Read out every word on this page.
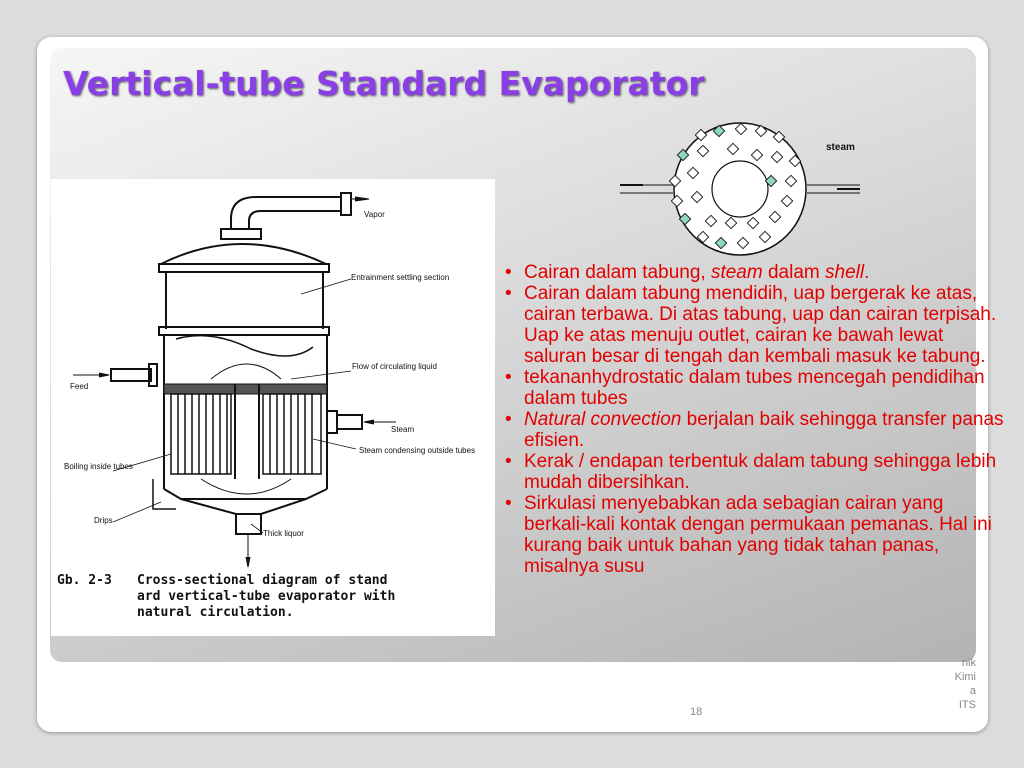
Vertical-tube Standard Evaporator
Vapor
Entrainment settling section
Flow of circulating liquid
Feed
Steam
Steam condensing outside tubes
Boiling inside tubes
Drips
Thick liquor
Gb. 2-3 Cross-sectional diagram of stand
ard vertical-tube evaporator with
natural circulation.
steam
• Cairan dalam tabung, steam dalam shell.
• Cairan dalam tabung mendidih, uap bergerak ke atas, cairan terbawa. Di atas tabung, uap dan cairan terpisah. Uap ke atas menuju outlet, cairan ke bawah lewat saluran besar di tengah dan kembali masuk ke tabung.
• tekananhydrostatic dalam tubes mencegah pendidihan dalam tubes
• Natural convection berjalan baik sehingga transfer panas efisien.
• Kerak / endapan terbentuk dalam tabung sehingga lebih mudah dibersihkan.
• Sirkulasi menyebabkan ada sebagian cairan yang berkali-kali kontak dengan permukaan pemanas. Hal ini kurang baik untuk bahan yang tidak tahan panas, misalnya susu
18
nik
Kimi
a
ITS
